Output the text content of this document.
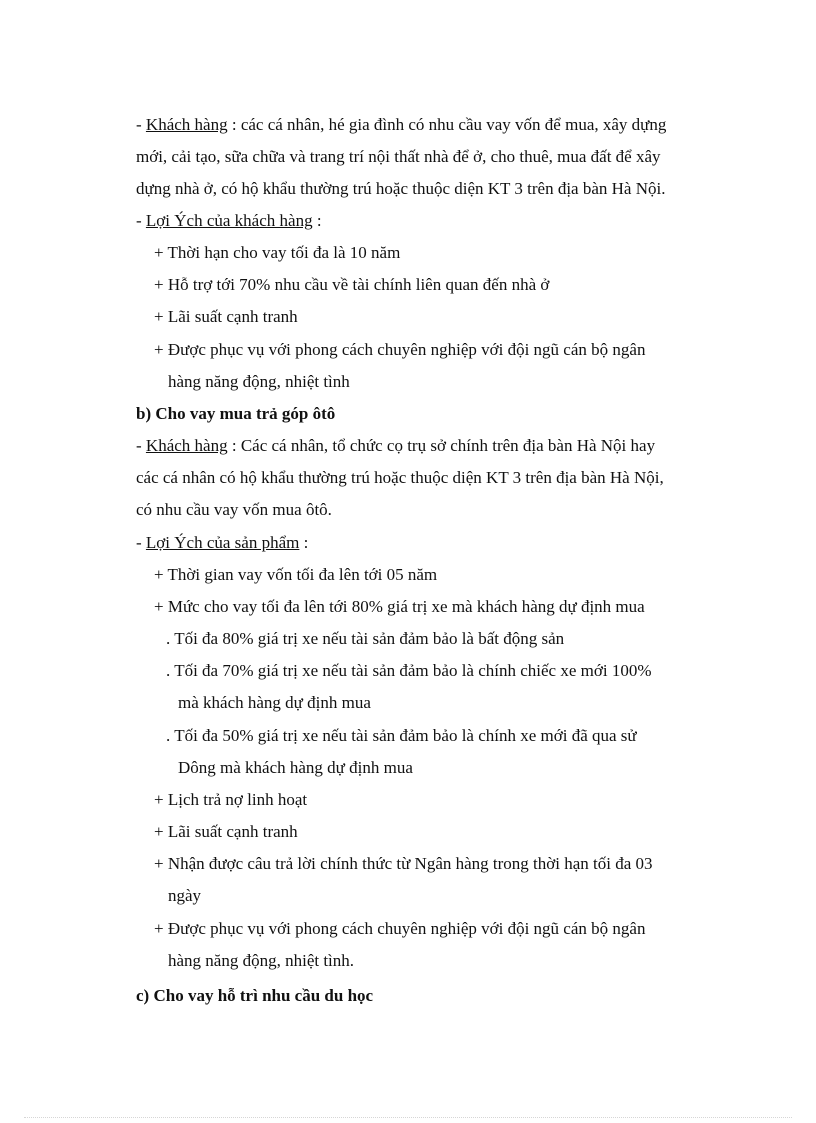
- Khách hàng : các cá nhân, hé gia đình có nhu cầu vay vốn để mua, xây dựng
mới, cải tạo, sữa chữa và trang trí nội thất nhà để ở, cho thuê, mua đất để xây
dựng nhà ở, có hộ khẩu thường trú hoặc thuộc diện KT 3 trên địa bàn Hà Nội.
- Lợi Ých của khách hàng :
+ Thời hạn cho vay tối đa là 10 năm
+ Hỗ trợ tới 70% nhu cầu về tài chính liên quan đến nhà ở
+ Lãi suất cạnh tranh
+ Được phục vụ với phong cách chuyên nghiệp với đội ngũ cán bộ ngân
hàng năng động, nhiệt tình
b) Cho vay mua trả góp ôtô
- Khách hàng : Các cá nhân, tổ chức cọ trụ sở chính trên địa bàn Hà Nội hay
các cá nhân có hộ khẩu thường trú hoặc thuộc diện KT 3 trên địa bàn Hà Nội,
có nhu cầu vay vốn mua ôtô.
- Lợi Ých của sản phẩm :
+ Thời gian vay vốn tối đa lên tới 05 năm
+ Mức cho vay tối đa lên tới 80% giá trị xe mà khách hàng dự định mua
. Tối đa 80% giá trị xe nếu tài sản đảm bảo là bất động sản
. Tối đa 70% giá trị xe nếu tài sản đảm bảo là chính chiếc xe mới 100%
mà khách hàng dự định mua
. Tối đa 50% giá trị xe nếu tài sản đảm bảo là chính xe mới đã qua sử
Dông mà khách hàng dự định mua
+ Lịch trả nợ linh hoạt
+ Lãi suất cạnh tranh
+ Nhận được câu trả lời chính thức từ Ngân hàng trong thời hạn tối đa 03
ngày
+ Được phục vụ với phong cách chuyên nghiệp với đội ngũ cán bộ ngân
hàng năng động, nhiệt tình.
c) Cho vay hỗ trì nhu cầu du học
